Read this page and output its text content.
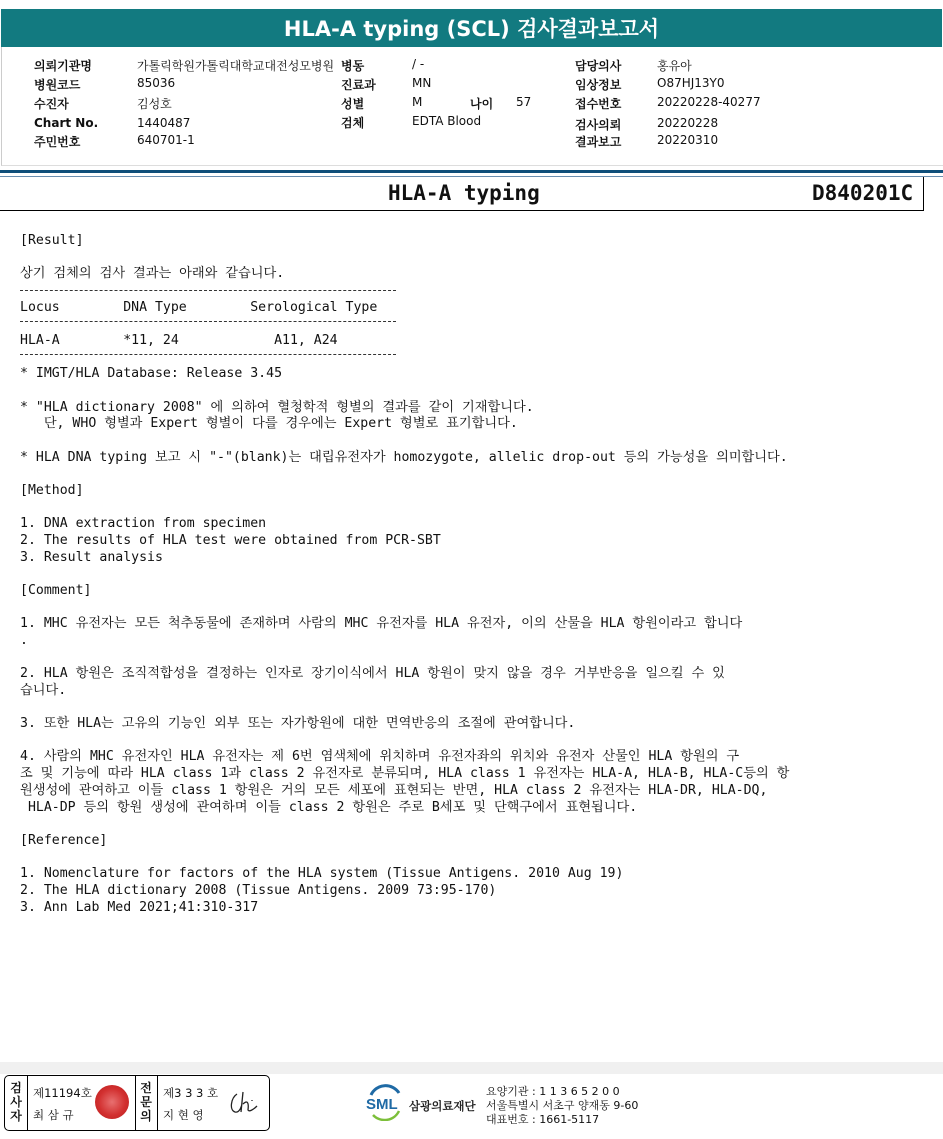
HLA-A typing (SCL) 검사결과보고서
의뢰기관명	가톨릭학원가톨릭대학교대전성모병원
병원코드	85036
수진자	김성호
Chart No.	1440487
주민번호	640701-1
병동	/ -
진료과	MN
성별	M
검체	EDTA Blood
나이 57
담당의사	홍유아
임상정보	O87HJ13Y0
접수번호	20220228-40277
검사의뢰	20220228
결과보고	20220310
HLA-A typing	D840201C
[Result]
상기 검체의 검사 결과는 아래와 같습니다.
Locus        DNA Type        Serological Type
HLA-A        *11, 24            A11, A24
* IMGT/HLA Database: Release 3.45
* "HLA dictionary 2008" 에 의하여 혈청학적 형별의 결과를 같이 기재합니다.
단, WHO 형별과 Expert 형별이 다를 경우에는 Expert 형별로 표기합니다.
* HLA DNA typing 보고 시 "-"(blank)는 대립유전자가 homozygote, allelic drop-out 등의 가능성을 의미합니다.
[Method]
1. DNA extraction from specimen
2. The results of HLA test were obtained from PCR-SBT
3. Result analysis
[Comment]
1. MHC 유전자는 모든 척추동물에 존재하며 사람의 MHC 유전자를 HLA 유전자, 이의 산물을 HLA 항원이라고 합니다
.
2. HLA 항원은 조직적합성을 결정하는 인자로 장기이식에서 HLA 항원이 맞지 않을 경우 거부반응을 일으킬 수 있
습니다.
3. 또한 HLA는 고유의 기능인 외부 또는 자가항원에 대한 면역반응의 조절에 관여합니다.
4. 사람의 MHC 유전자인 HLA 유전자는 제 6번 염색체에 위치하며 유전자좌의 위치와 유전자 산물인 HLA 항원의 구
조 및 기능에 따라 HLA class 1과 class 2 유전자로 분류되며, HLA class 1 유전자는 HLA-A, HLA-B, HLA-C등의 항
원생성에 관여하고 이들 class 1 항원은 거의 모든 세포에 표현되는 반면, HLA class 2 유전자는 HLA-DR, HLA-DQ,
HLA-DP 등의 항원 생성에 관여하며 이들 class 2 항원은 주로 B세포 및 단핵구에서 표현됩니다.
[Reference]
1. Nomenclature for factors of the HLA system (Tissue Antigens. 2010 Aug 19)
2. The HLA dictionary 2008 (Tissue Antigens. 2009 73:95-170)
3. Ann Lab Med 2021;41:310-317
검
사
자
제11194호
최 삼 규
전
문
의
제3 3 3 호
지 현 영
SML 삼광의료재단
요양기관 : 1 1 3 6 5 2 0 0
서울특별시 서초구 양재동 9-60
대표번호 : 1661-5117
